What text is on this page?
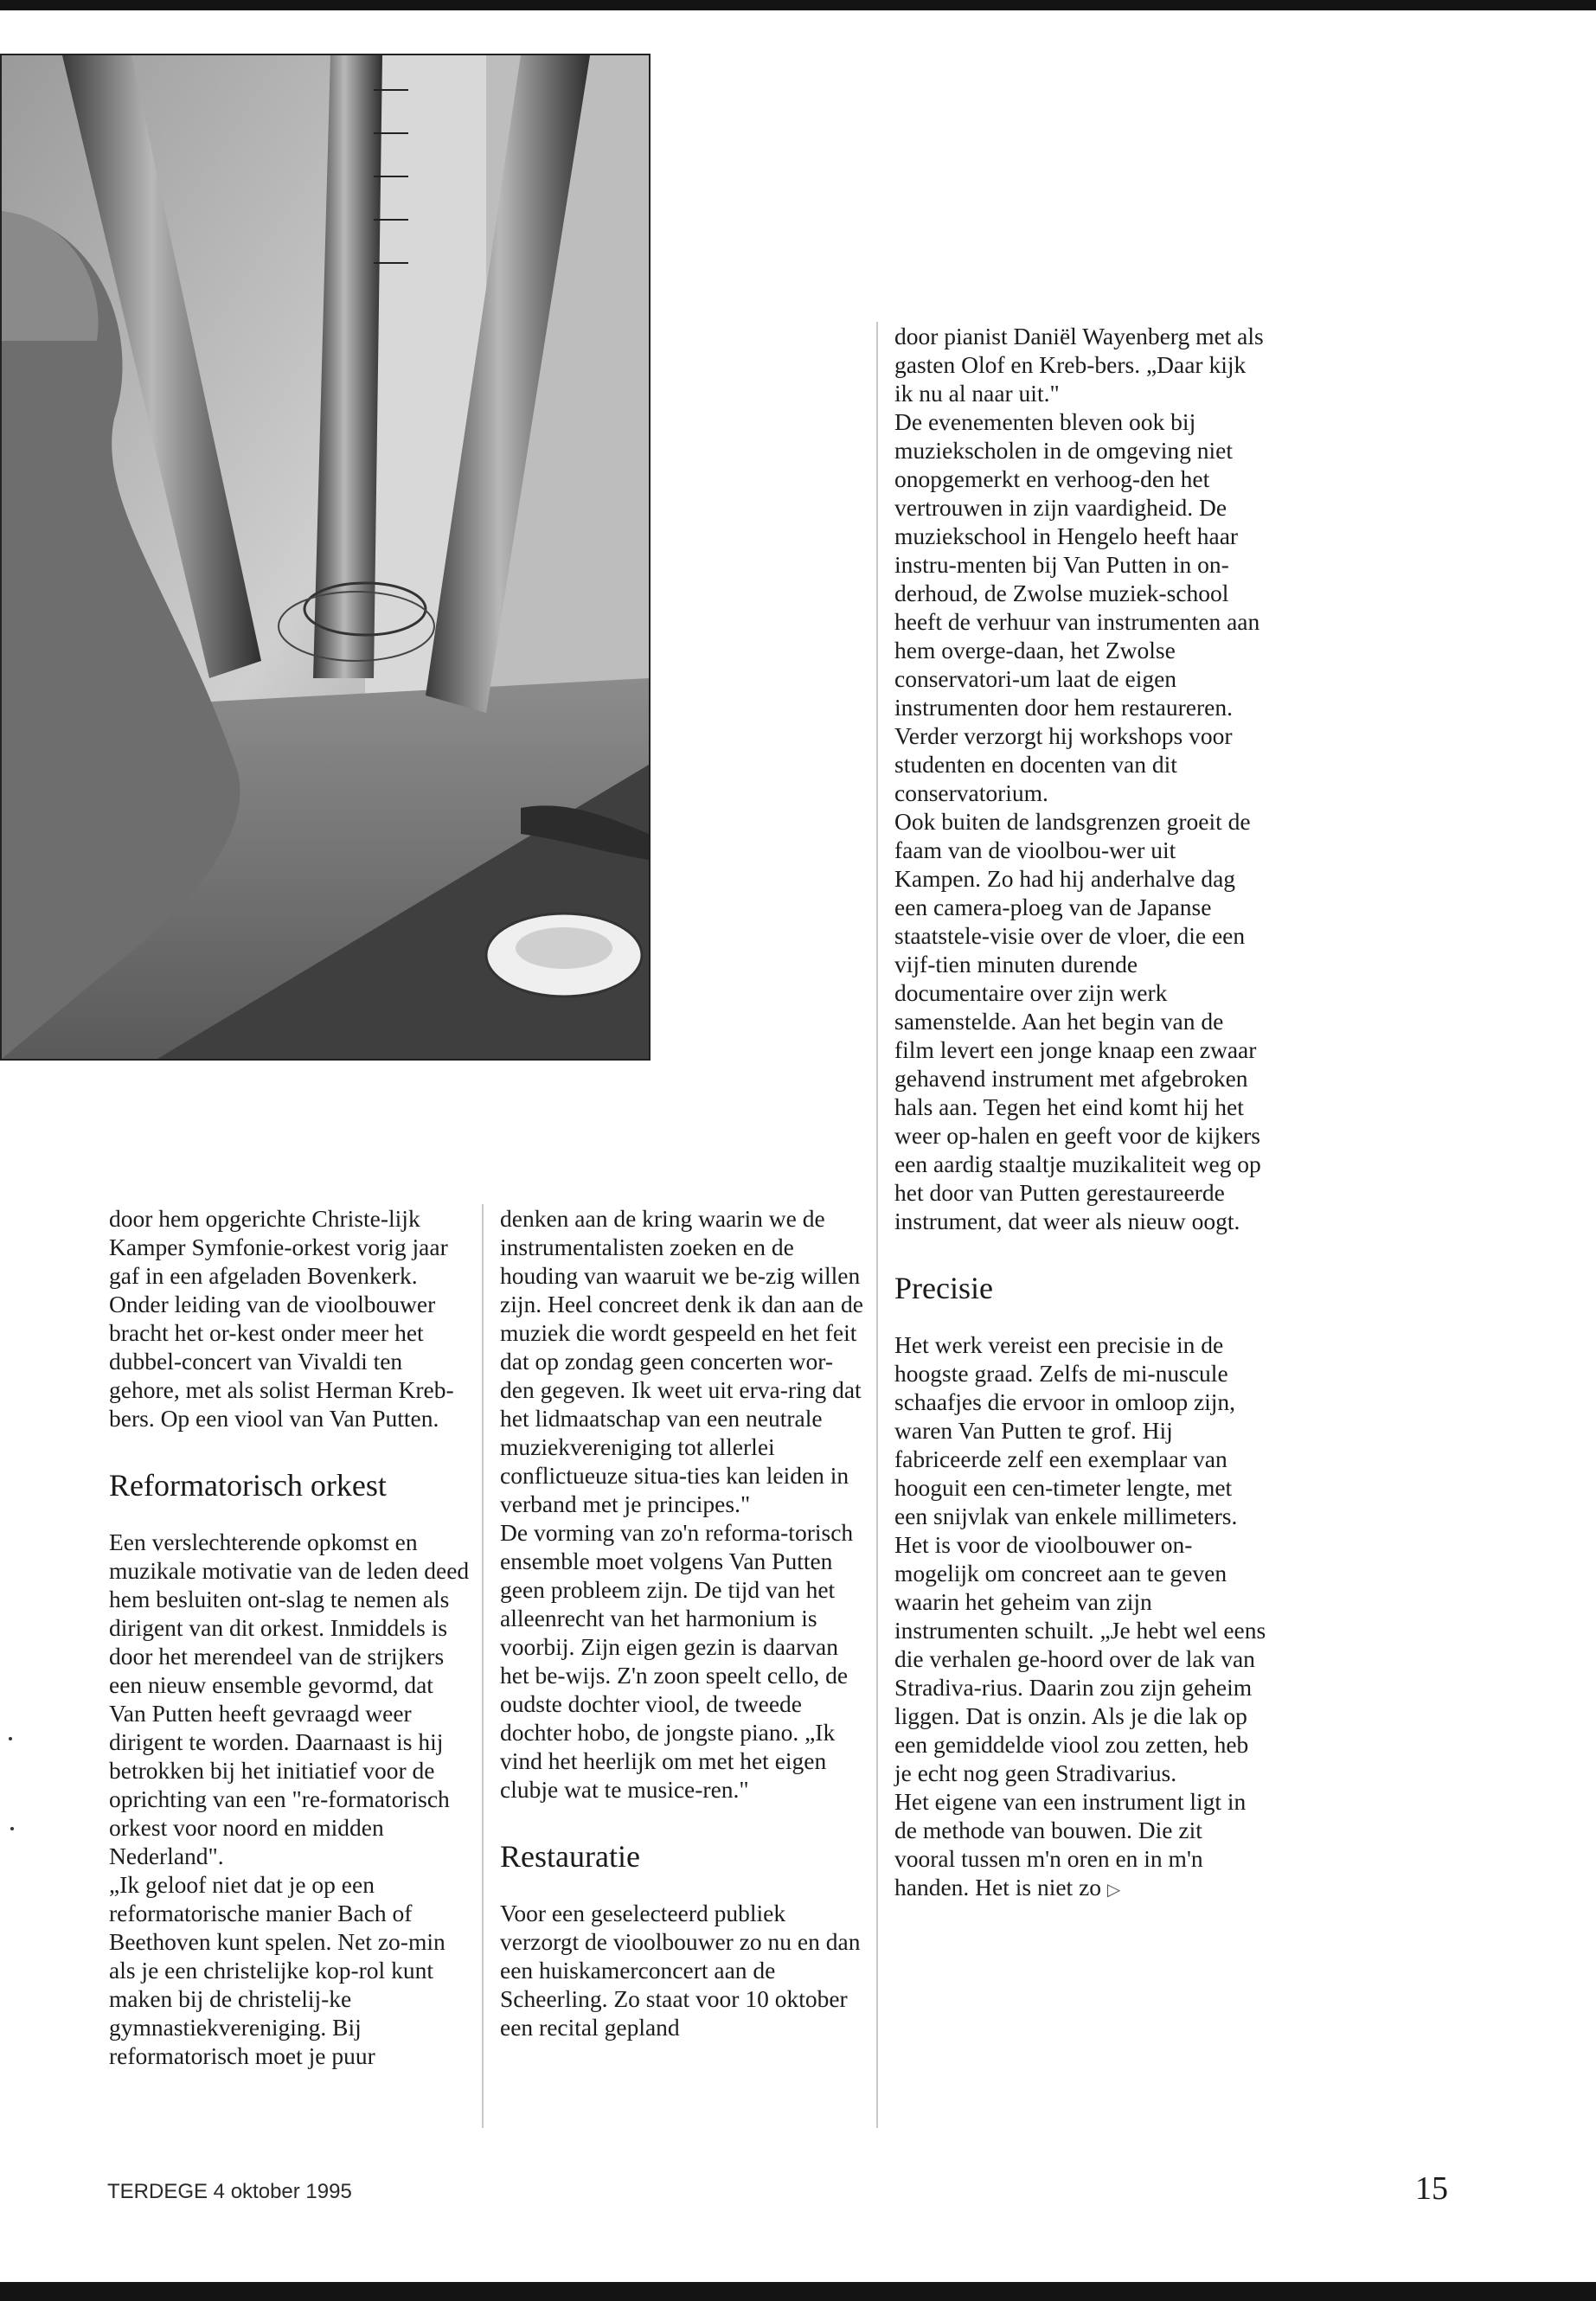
door hem opgerichte Christe-lijk Kamper Symfonie-orkest vorig jaar gaf in een afgeladen Bovenkerk. Onder leiding van de vioolbouwer bracht het or-kest onder meer het dubbel-concert van Vivaldi ten gehore, met als solist Herman Kreb-bers. Op een viool van Van Putten.

Reformatorisch orkest

Een verslechterende opkomst en muzikale motivatie van de leden deed hem besluiten ont-slag te nemen als dirigent van dit orkest. Inmiddels is door het merendeel van de strijkers een nieuw ensemble gevormd, dat Van Putten heeft gevraagd weer dirigent te worden. Daarnaast is hij betrokken bij het initiatief voor de oprichting van een "re-formatorisch orkest voor noord en midden Nederland".

„Ik geloof niet dat je op een reformatorische manier Bach of Beethoven kunt spelen. Net zo-min als je een christelijke kop-rol kunt maken bij de christelij-ke gymnastiekvereniging. Bij reformatorisch moet je puur

denken aan de kring waarin we de instrumentalisten zoeken en de houding van waaruit we be-zig willen zijn. Heel concreet denk ik dan aan de muziek die wordt gespeeld en het feit dat op zondag geen concerten wor-den gegeven. Ik weet uit erva-ring dat het lidmaatschap van een neutrale muziekvereniging tot allerlei conflictueuze situa-ties kan leiden in verband met je principes."

De vorming van zo'n reforma-torisch ensemble moet volgens Van Putten geen probleem zijn. De tijd van het alleenrecht van het harmonium is voorbij. Zijn eigen gezin is daarvan het be-wijs. Z'n zoon speelt cello, de oudste dochter viool, de tweede dochter hobo, de jongste piano. „Ik vind het heerlijk om met het eigen clubje wat te musice-ren."

Restauratie

Voor een geselecteerd publiek verzorgt de vioolbouwer zo nu en dan een huiskamerconcert aan de Scheerling. Zo staat voor 10 oktober een recital gepland

door pianist Daniël Wayenberg met als gasten Olof en Kreb-bers. „Daar kijk ik nu al naar uit."

De evenementen bleven ook bij muziekscholen in de omgeving niet onopgemerkt en verhoog-den het vertrouwen in zijn vaardigheid. De muziekschool in Hengelo heeft haar instru-menten bij Van Putten in on-derhoud, de Zwolse muziek-school heeft de verhuur van instrumenten aan hem overge-daan, het Zwolse conservatori-um laat de eigen instrumenten door hem restaureren. Verder verzorgt hij workshops voor studenten en docenten van dit conservatorium.

Ook buiten de landsgrenzen groeit de faam van de vioolbou-wer uit Kampen. Zo had hij anderhalve dag een camera-ploeg van de Japanse staatstele-visie over de vloer, die een vijf-tien minuten durende documentaire over zijn werk samenstelde. Aan het begin van de film levert een jonge knaap een zwaar gehavend instrument met afgebroken hals aan. Tegen het eind komt hij het weer op-halen en geeft voor de kijkers een aardig staaltje muzikaliteit weg op het door van Putten gerestaureerde instrument, dat weer als nieuw oogt.

Precisie

Het werk vereist een precisie in de hoogste graad. Zelfs de mi-nuscule schaafjes die ervoor in omloop zijn, waren Van Putten te grof. Hij fabriceerde zelf een exemplaar van hooguit een cen-timeter lengte, met een snijvlak van enkele millimeters.

Het is voor de vioolbouwer on-mogelijk om concreet aan te geven waarin het geheim van zijn instrumenten schuilt. „Je hebt wel eens die verhalen ge-hoord over de lak van Stradiva-rius. Daarin zou zijn geheim liggen. Dat is onzin. Als je die lak op een gemiddelde viool zou zetten, heb je echt nog geen Stradivarius.

Het eigene van een instrument ligt in de methode van bouwen. Die zit vooral tussen m'n oren en in m'n handen. Het is niet zo ▷

TERDEGE 4 oktober 1995	15
